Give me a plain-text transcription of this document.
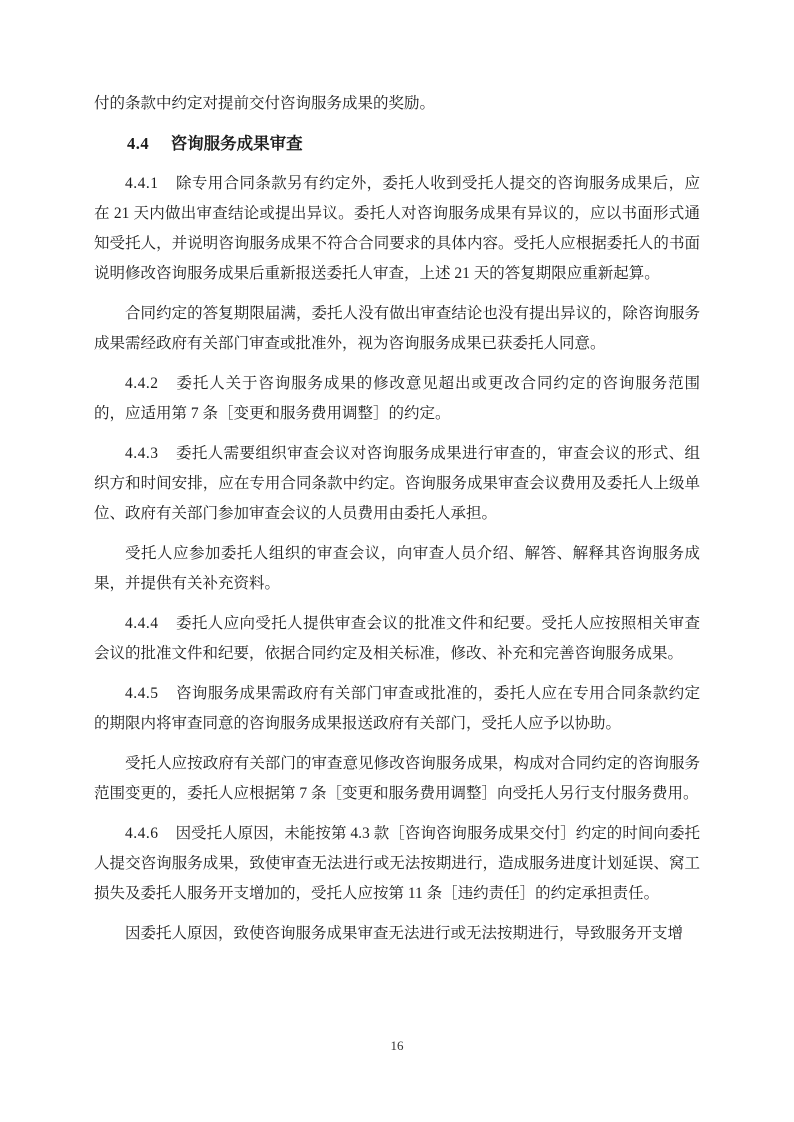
付的条款中约定对提前交付咨询服务成果的奖励。

4.4 咨询服务成果审查

4.4.1 除专用合同条款另有约定外，委托人收到受托人提交的咨询服务成果后，应在 21 天内做出审查结论或提出异议。委托人对咨询服务成果有异议的，应以书面形式通知受托人，并说明咨询服务成果不符合合同要求的具体内容。受托人应根据委托人的书面说明修改咨询服务成果后重新报送委托人审查，上述 21 天的答复期限应重新起算。

合同约定的答复期限届满，委托人没有做出审查结论也没有提出异议的，除咨询服务成果需经政府有关部门审查或批准外，视为咨询服务成果已获委托人同意。

4.4.2 委托人关于咨询服务成果的修改意见超出或更改合同约定的咨询服务范围的，应适用第 7 条［变更和服务费用调整］的约定。

4.4.3 委托人需要组织审查会议对咨询服务成果进行审查的，审查会议的形式、组织方和时间安排，应在专用合同条款中约定。咨询服务成果审查会议费用及委托人上级单位、政府有关部门参加审查会议的人员费用由委托人承担。

受托人应参加委托人组织的审查会议，向审查人员介绍、解答、解释其咨询服务成果，并提供有关补充资料。

4.4.4 委托人应向受托人提供审查会议的批准文件和纪要。受托人应按照相关审查会议的批准文件和纪要，依据合同约定及相关标准，修改、补充和完善咨询服务成果。

4.4.5 咨询服务成果需政府有关部门审查或批准的，委托人应在专用合同条款约定的期限内将审查同意的咨询服务成果报送政府有关部门，受托人应予以协助。

受托人应按政府有关部门的审查意见修改咨询服务成果，构成对合同约定的咨询服务范围变更的，委托人应根据第 7 条［变更和服务费用调整］向受托人另行支付服务费用。

4.4.6 因受托人原因，未能按第 4.3 款［咨询咨询服务成果交付］约定的时间向委托人提交咨询服务成果，致使审查无法进行或无法按期进行，造成服务进度计划延误、窝工损失及委托人服务开支增加的，受托人应按第 11 条［违约责任］的约定承担责任。

因委托人原因，致使咨询服务成果审查无法进行或无法按期进行，导致服务开支增

16
